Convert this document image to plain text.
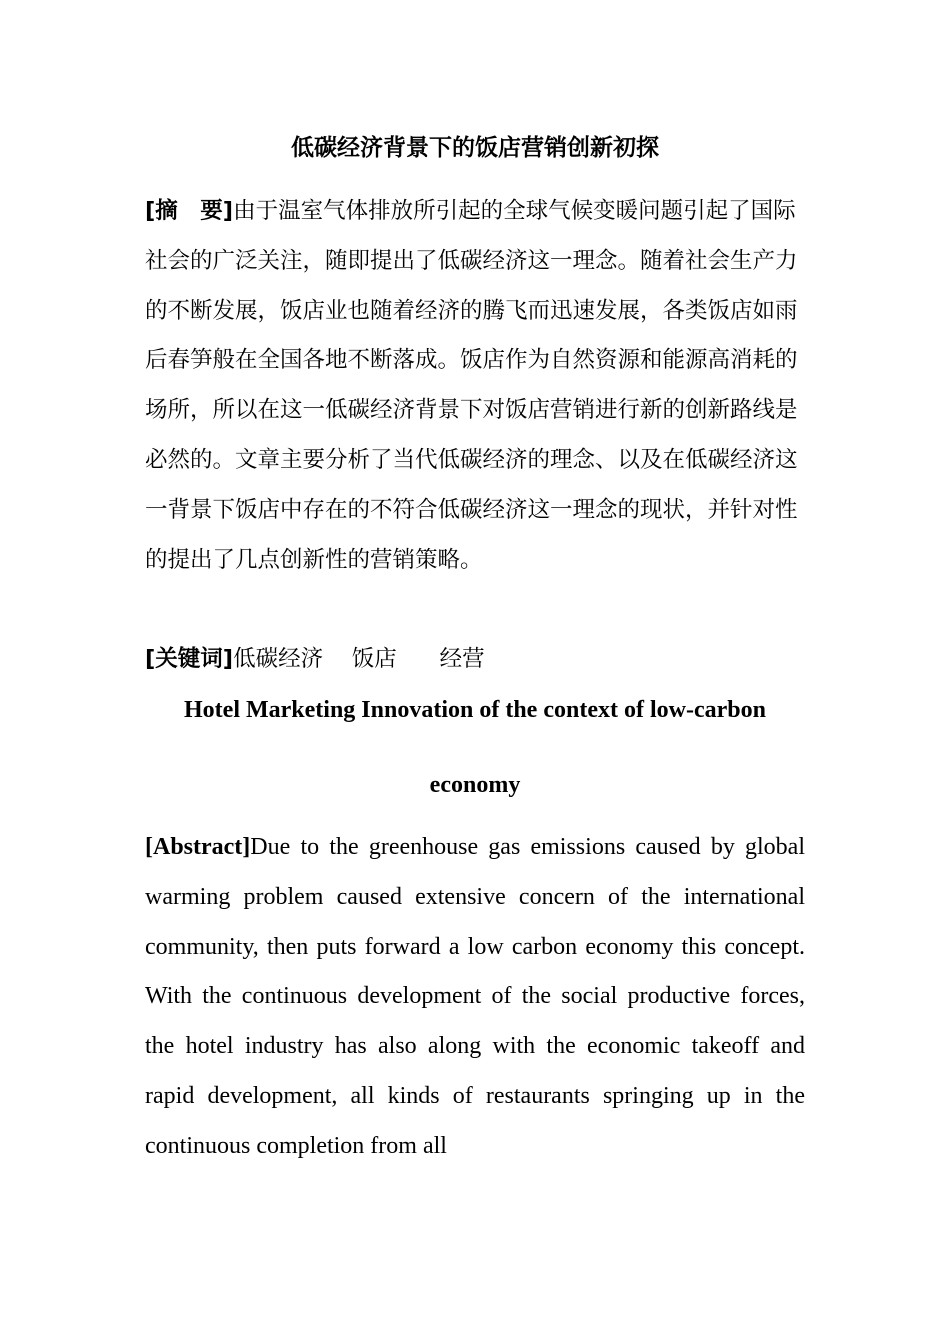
低碳经济背景下的饭店营销创新初探

[摘　要]由于温室气体排放所引起的全球气候变暖问题引起了国际社会的广泛关注，随即提出了低碳经济这一理念。随着社会生产力的不断发展，饭店业也随着经济的腾飞而迅速发展，各类饭店如雨后春笋般在全国各地不断落成。饭店作为自然资源和能源高消耗的场所，所以在这一低碳经济背景下对饭店营销进行新的创新路线是必然的。文章主要分析了当代低碳经济的理念、以及在低碳经济这一背景下饭店中存在的不符合低碳经济这一理念的现状，并针对性的提出了几点创新性的营销策略。

[关键词]低碳经济 饭店 经营

Hotel Marketing Innovation of the context of low-carbon
economy

[Abstract]Due to the greenhouse gas emissions caused by global warming problem caused extensive concern of the international community, then puts forward a low carbon economy this concept. With the continuous development of the social productive forces, the hotel industry has also along with the economic takeoff and rapid development, all kinds of restaurants springing up in the continuous completion from all
